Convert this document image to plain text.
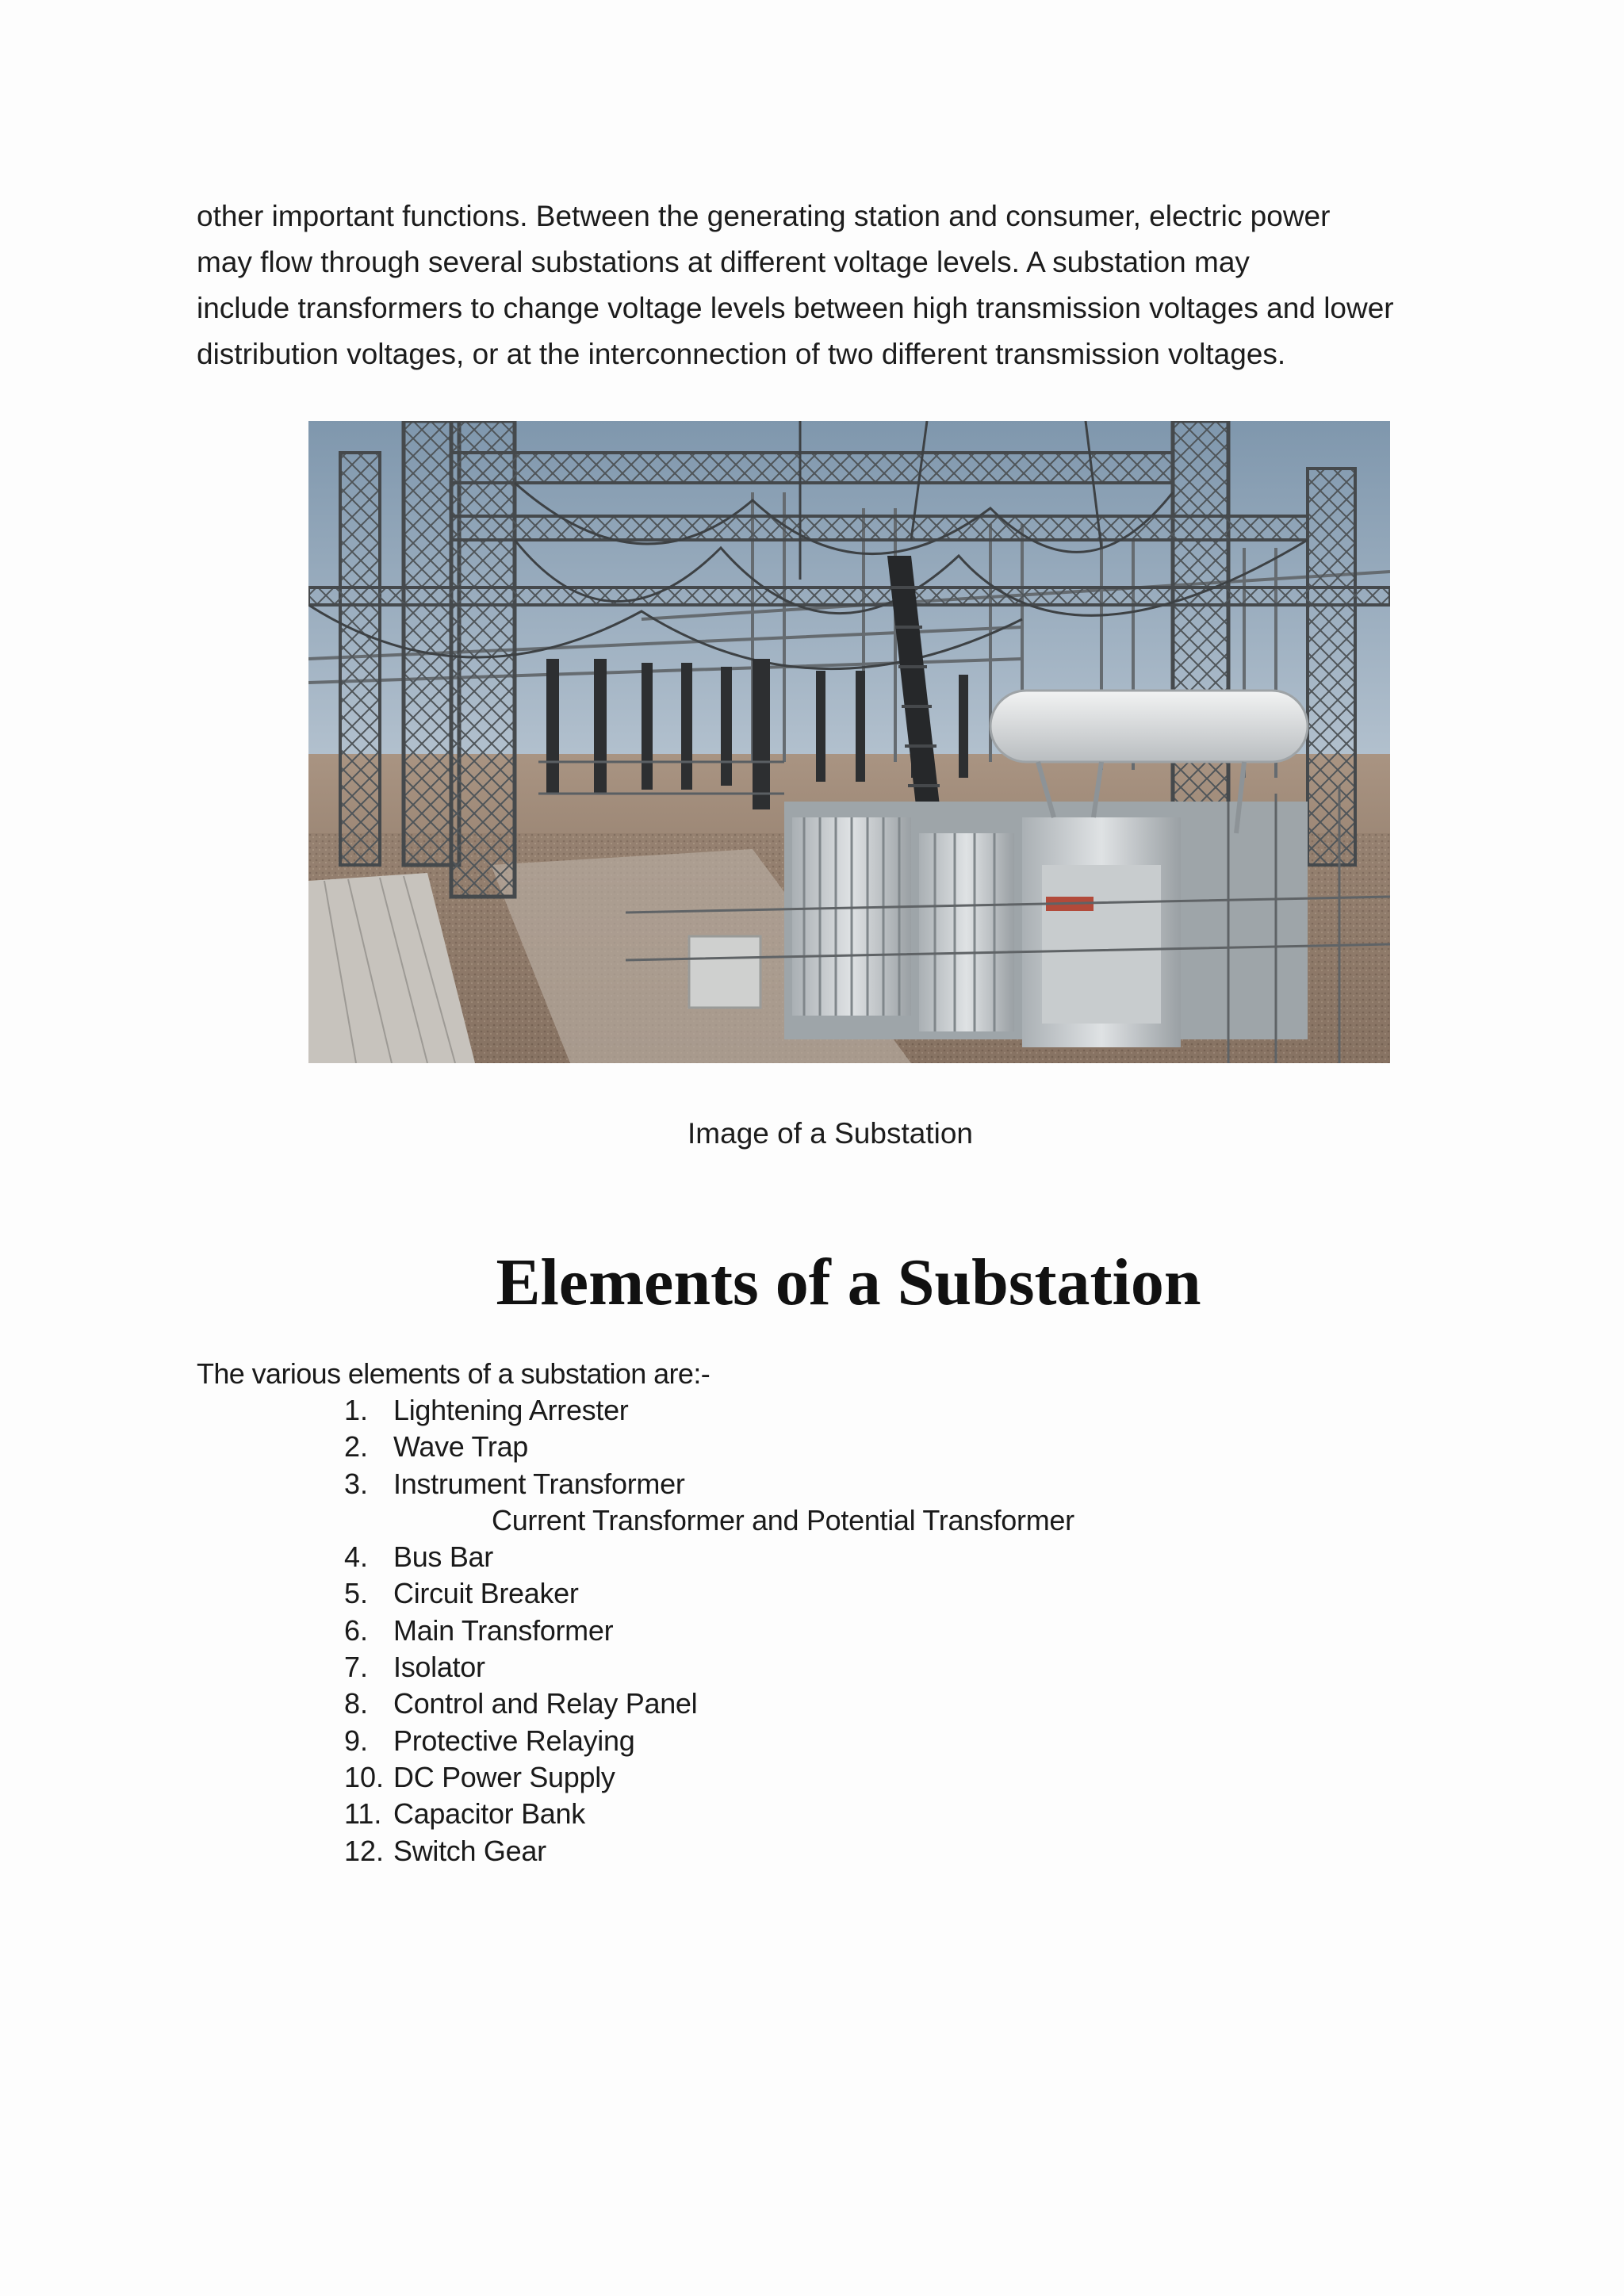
other important functions. Between the generating station and consumer, electric power
may flow through several substations at different voltage levels. A substation may
include transformers to change voltage levels between high transmission voltages and lower
distribution voltages, or at the interconnection of two different transmission voltages.

Image of a Substation
Elements of a Substation
The various elements of a substation are:-
1. Lightening Arrester
2. Wave Trap
3. Instrument Transformer
Current Transformer and Potential Transformer
4. Bus Bar
5. Circuit Breaker
6. Main Transformer
7. Isolator
8. Control and Relay Panel
9. Protective Relaying
10. DC Power Supply
11. Capacitor Bank
12. Switch Gear
